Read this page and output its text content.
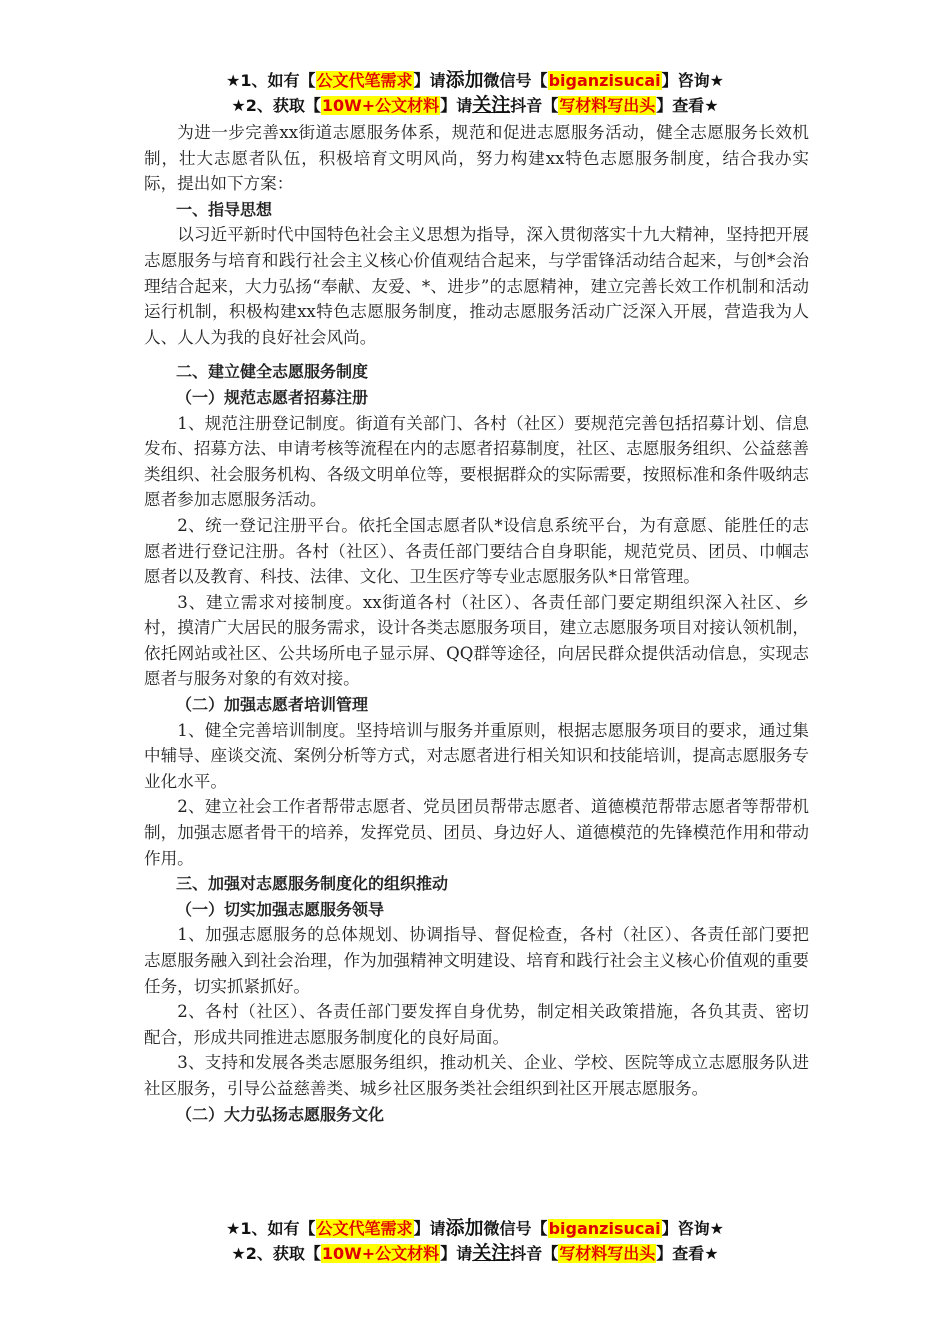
★1、如有【公文代笔需求】请添加微信号【biganzisucai】咨询★
★2、获取【10W+公文材料】请关注抖音【写材料写出头】查看★

为进一步完善xx街道志愿服务体系，规范和促进志愿服务活动，健全志愿服务长效机制，壮大志愿者队伍，积极培育文明风尚，努力构建xx特色志愿服务制度，结合我办实际，提出如下方案：

一、指导思想

以习近平新时代中国特色社会主义思想为指导，深入贯彻落实十九大精神，坚持把开展志愿服务与培育和践行社会主义核心价值观结合起来，与学雷锋活动结合起来，与创*会治理结合起来，大力弘扬“奉献、友爱、*、进步”的志愿精神，建立完善长效工作机制和活动运行机制，积极构建xx特色志愿服务制度，推动志愿服务活动广泛深入开展，营造我为人人、人人为我的良好社会风尚。

二、建立健全志愿服务制度

（一）规范志愿者招募注册

1、规范注册登记制度。街道有关部门、各村（社区）要规范完善包括招募计划、信息发布、招募方法、申请考核等流程在内的志愿者招募制度，社区、志愿服务组织、公益慈善类组织、社会服务机构、各级文明单位等，要根据群众的实际需要，按照标准和条件吸纳志愿者参加志愿服务活动。

2、统一登记注册平台。依托全国志愿者队*设信息系统平台，为有意愿、能胜任的志愿者进行登记注册。各村（社区）、各责任部门要结合自身职能，规范党员、团员、巾帼志愿者以及教育、科技、法律、文化、卫生医疗等专业志愿服务队*日常管理。

3、建立需求对接制度。xx街道各村（社区）、各责任部门要定期组织深入社区、乡村，摸清广大居民的服务需求，设计各类志愿服务项目，建立志愿服务项目对接认领机制，依托网站或社区、公共场所电子显示屏、QQ群等途径，向居民群众提供活动信息，实现志愿者与服务对象的有效对接。

（二）加强志愿者培训管理

1、健全完善培训制度。坚持培训与服务并重原则，根据志愿服务项目的要求，通过集中辅导、座谈交流、案例分析等方式，对志愿者进行相关知识和技能培训，提高志愿服务专业化水平。

2、建立社会工作者帮带志愿者、党员团员帮带志愿者、道德模范帮带志愿者等帮带机制，加强志愿者骨干的培养，发挥党员、团员、身边好人、道德模范的先锋模范作用和带动作用。

三、加强对志愿服务制度化的组织推动

（一）切实加强志愿服务领导

1、加强志愿服务的总体规划、协调指导、督促检查，各村（社区）、各责任部门要把志愿服务融入到社会治理，作为加强精神文明建设、培育和践行社会主义核心价值观的重要任务，切实抓紧抓好。

2、各村（社区）、各责任部门要发挥自身优势，制定相关政策措施，各负其责、密切配合，形成共同推进志愿服务制度化的良好局面。

3、支持和发展各类志愿服务组织，推动机关、企业、学校、医院等成立志愿服务队进社区服务，引导公益慈善类、城乡社区服务类社会组织到社区开展志愿服务。

（二）大力弘扬志愿服务文化

★1、如有【公文代笔需求】请添加微信号【biganzisucai】咨询★
★2、获取【10W+公文材料】请关注抖音【写材料写出头】查看★
